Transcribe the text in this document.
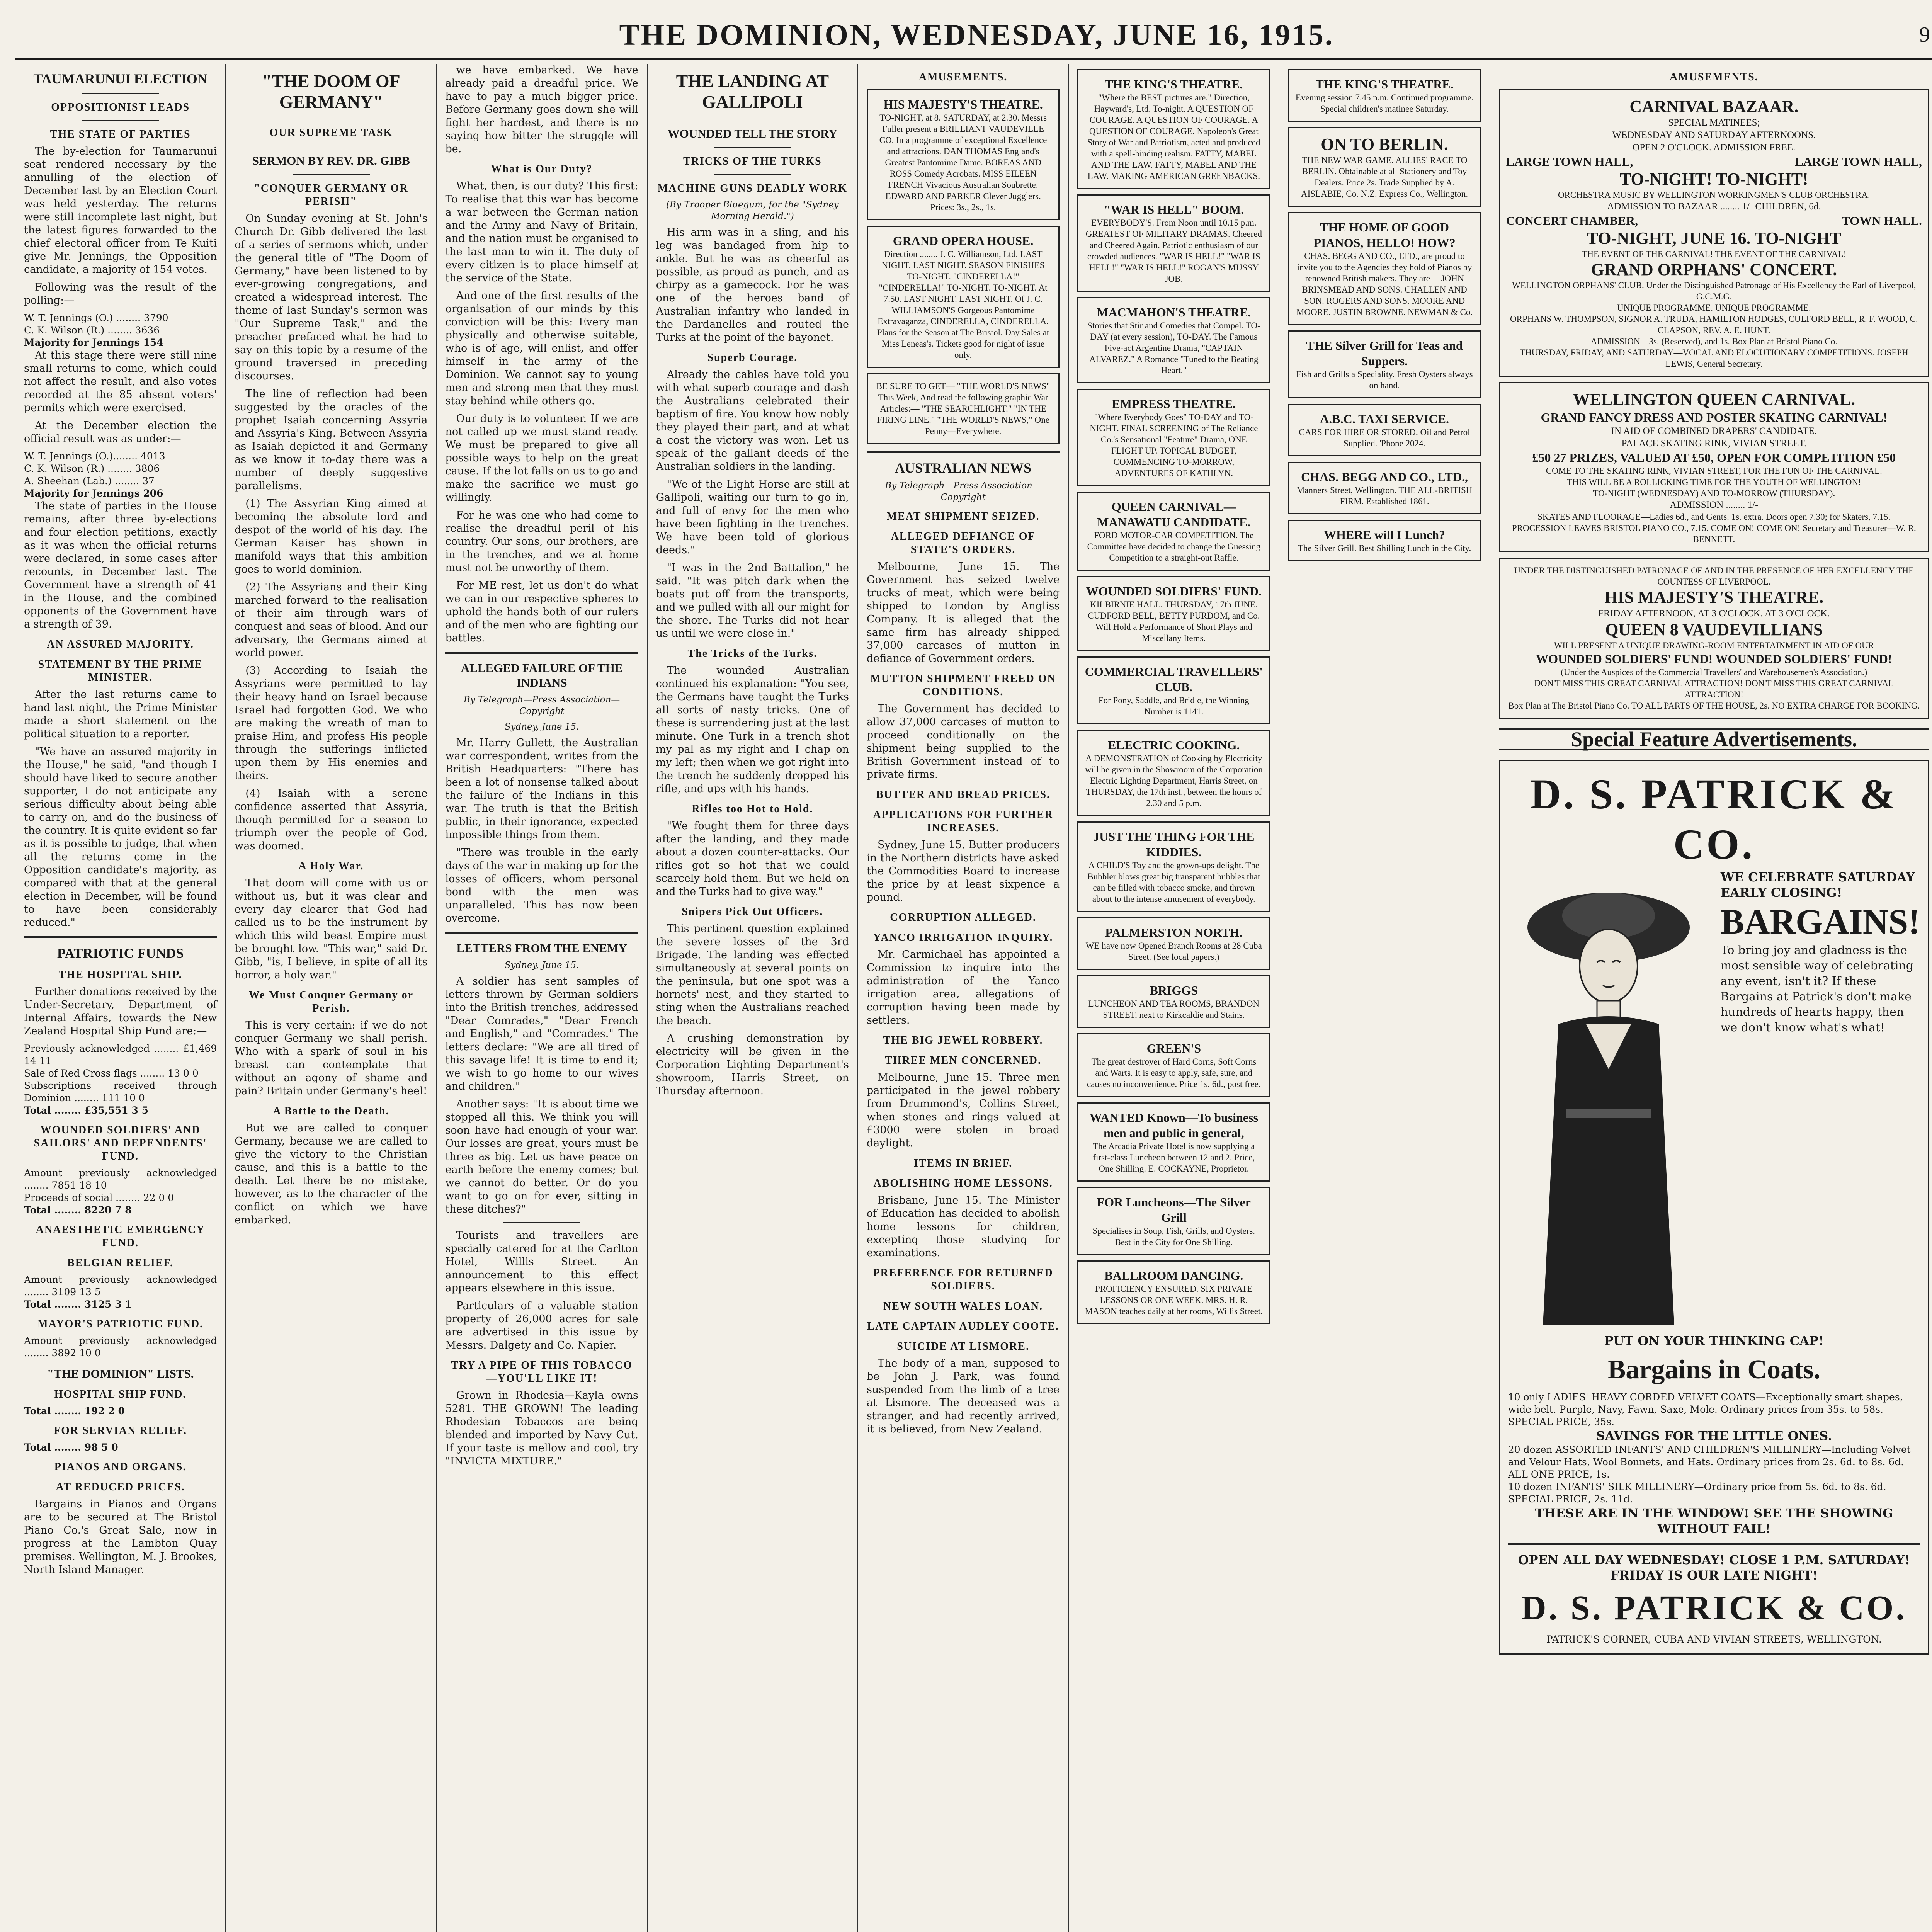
THE DOMINION, WEDNESDAY, JUNE 16, 1915.	9
TAUMARUNUI ELECTION
OPPOSITIONIST LEADS
THE STATE OF PARTIES

The by-election for Taumarunui seat rendered necessary by the annulling of the election of December last by an Election Court was held yesterday. The returns were still incomplete last night, but the latest figures forwarded to the chief electoral officer from Te Kuiti give Mr. Jennings, the Opposition candidate, a majority of 154 votes.

Following was the result of the polling:—

W. T. Jennings (O.) ........ 3790
C. K. Wilson (R.) ........ 3636
Majority for Jennings 154

At this stage there were still nine small returns to come, which could not affect the result, and also votes recorded at the 85 absent voters' permits which were exercised.

At the December election the official result was as under:—

W. T. Jennings (O.)........ 4013
C. K. Wilson (R.) ........ 3806
A. Sheehan (Lab.) ........ 37
Majority for Jennings 206

The state of parties in the House remains, after three by-elections and four election petitions, exactly as it was when the official returns were declared, in some cases after recounts, in December last. The Government have a strength of 41 in the House, and the combined opponents of the Government have a strength of 39.

AN ASSURED MAJORITY.
STATEMENT BY THE PRIME MINISTER.

After the last returns came to hand last night, the Prime Minister made a short statement on the political situation to a reporter.

"We have an assured majority in the House," he said, "and though I should have liked to secure another supporter, I do not anticipate any serious difficulty about being able to carry on, and do the business of the country. It is quite evident so far as it is possible to judge, that when all the returns come in the Opposition candidate's majority, as compared with that at the general election in December, will be found to have been considerably reduced."

PATRIOTIC FUNDS
THE HOSPITAL SHIP.

Further donations received by the Under-Secretary, Department of Internal Affairs, towards the New Zealand Hospital Ship Fund are:—

Previously acknowledged ........ £1,469 14 11
Sale of Red Cross flags ........ 13 0 0
Subscriptions received through Dominion ........ 111 10 0
Total ........ £35,551 3 5
WOUNDED SOLDIERS' AND SAILORS' AND DEPENDENTS' FUND.
Amount previously acknowledged ........ 7851 18 10
Proceeds of social ........ 22 0 0
Total ........ 8220 7 8
ANAESTHETIC EMERGENCY FUND.
BELGIAN RELIEF.
Amount previously acknowledged ........ 3109 13 5
Total ........ 3125 3 1
MAYOR'S PATRIOTIC FUND.
Amount previously acknowledged ........ 3892 10 0
"THE DOMINION" LISTS.
HOSPITAL SHIP FUND.
Total ........ 192 2 0
FOR SERVIAN RELIEF.
Total ........ 98 5 0
PIANOS AND ORGANS.
AT REDUCED PRICES.

Bargains in Pianos and Organs are to be secured at The Bristol Piano Co.'s Great Sale, now in progress at the Lambton Quay premises. Wellington, M. J. Brookes, North Island Manager.

"THE DOOM OF GERMANY"
OUR SUPREME TASK
SERMON BY REV. DR. GIBB
"CONQUER GERMANY OR PERISH"

On Sunday evening at St. John's Church Dr. Gibb delivered the last of a series of sermons which, under the general title of "The Doom of Germany," have been listened to by ever-growing congregations, and created a widespread interest. The theme of last Sunday's sermon was "Our Supreme Task," and the preacher prefaced what he had to say on this topic by a resume of the ground traversed in preceding discourses.

The line of reflection had been suggested by the oracles of the prophet Isaiah concerning Assyria and Assyria's King. Between Assyria as Isaiah depicted it and Germany as we know it to-day there was a number of deeply suggestive parallelisms.

(1) The Assyrian King aimed at becoming the absolute lord and despot of the world of his day. The German Kaiser has shown in manifold ways that this ambition goes to world dominion.

(2) The Assyrians and their King marched forward to the realisation of their aim through wars of conquest and seas of blood. And our adversary, the Germans aimed at world power.

(3) According to Isaiah the Assyrians were permitted to lay their heavy hand on Israel because Israel had forgotten God. We who are making the wreath of man to praise Him, and profess His people through the sufferings inflicted upon them by His enemies and theirs.

(4) Isaiah with a serene confidence asserted that Assyria, though permitted for a season to triumph over the people of God, was doomed.

A Holy War.

That doom will come with us or without us, but it was clear and every day clearer that God had called us to be the instrument by which this wild beast Empire must be brought low. "This war," said Dr. Gibb, "is, I believe, in spite of all its horror, a holy war."

We Must Conquer Germany or Perish.

This is very certain: if we do not conquer Germany we shall perish. Who with a spark of soul in his breast can contemplate that without an agony of shame and pain? Britain under Germany's heel!

A Battle to the Death.

But we are called to conquer Germany, because we are called to give the victory to the Christian cause, and this is a battle to the death. Let there be no mistake, however, as to the character of the conflict on which we have embarked.

we have embarked. We have already paid a dreadful price. We have to pay a much bigger price. Before Germany goes down she will fight her hardest, and there is no saying how bitter the struggle will be.

What is Our Duty?

What, then, is our duty? This first: To realise that this war has become a war between the German nation and the Army and Navy of Britain, and the nation must be organised to the last man to win it. The duty of every citizen is to place himself at the service of the State.

And one of the first results of the organisation of our minds by this conviction will be this: Every man physically and otherwise suitable, who is of age, will enlist, and offer himself in the army of the Dominion. We cannot say to young men and strong men that they must stay behind while others go.

Our duty is to volunteer. If we are not called up we must stand ready. We must be prepared to give all possible ways to help on the great cause. If the lot falls on us to go and make the sacrifice we must go willingly.

For he was one who had come to realise the dreadful peril of his country. Our sons, our brothers, are in the trenches, and we at home must not be unworthy of them.

For ME rest, let us don't do what we can in our respective spheres to uphold the hands both of our rulers and of the men who are fighting our battles.

ALLEGED FAILURE OF THE INDIANS
By Telegraph—Press Association—Copyright
Sydney, June 15.

Mr. Harry Gullett, the Australian war correspondent, writes from the British Headquarters: "There has been a lot of nonsense talked about the failure of the Indians in this war. The truth is that the British public, in their ignorance, expected impossible things from them.

"There was trouble in the early days of the war in making up for the losses of officers, whom personal bond with the men was unparalleled. This has now been overcome.

LETTERS FROM THE ENEMY
Sydney, June 15.

A soldier has sent samples of letters thrown by German soldiers into the British trenches, addressed "Dear Comrades," "Dear French and English," and "Comrades." The letters declare: "We are all tired of this savage life! It is time to end it; we wish to go home to our wives and children."

Another says: "It is about time we stopped all this. We think you will soon have had enough of your war. Our losses are great, yours must be three as big. Let us have peace on earth before the enemy comes; but we cannot do better. Or do you want to go on for ever, sitting in these ditches?"

Tourists and travellers are specially catered for at the Carlton Hotel, Willis Street. An announcement to this effect appears elsewhere in this issue.

Particulars of a valuable station property of 26,000 acres for sale are advertised in this issue by Messrs. Dalgety and Co. Napier.

TRY A PIPE OF THIS TOBACCO—YOU'LL LIKE IT!

Grown in Rhodesia—Kayla owns 5281. THE GROWN! The leading Rhodesian Tobaccos are being blended and imported by Navy Cut. If your taste is mellow and cool, try "INVICTA MIXTURE."

THE LANDING AT GALLIPOLI
WOUNDED TELL THE STORY
TRICKS OF THE TURKS
MACHINE GUNS DEADLY WORK
(By Trooper Bluegum, for the "Sydney Morning Herald.")

His arm was in a sling, and his leg was bandaged from hip to ankle. But he was as cheerful as possible, as proud as punch, and as chirpy as a gamecock. For he was one of the heroes band of Australian infantry who landed in the Dardanelles and routed the Turks at the point of the bayonet.

Superb Courage.

Already the cables have told you with what superb courage and dash the Australians celebrated their baptism of fire. You know how nobly they played their part, and at what a cost the victory was won. Let us speak of the gallant deeds of the Australian soldiers in the landing.

"We of the Light Horse are still at Gallipoli, waiting our turn to go in, and full of envy for the men who have been fighting in the trenches. We have been told of glorious deeds."

"I was in the 2nd Battalion," he said. "It was pitch dark when the boats put off from the transports, and we pulled with all our might for the shore. The Turks did not hear us until we were close in."

The Tricks of the Turks.

The wounded Australian continued his explanation: "You see, the Germans have taught the Turks all sorts of nasty tricks. One of these is surrendering just at the last minute. One Turk in a trench shot my pal as my right and I chap on my left; then when we got right into the trench he suddenly dropped his rifle, and ups with his hands.

Rifles too Hot to Hold.

"We fought them for three days after the landing, and they made about a dozen counter-attacks. Our rifles got so hot that we could scarcely hold them. But we held on and the Turks had to give way."

Snipers Pick Out Officers.

This pertinent question explained the severe losses of the 3rd Brigade. The landing was effected simultaneously at several points on the peninsula, but one spot was a hornets' nest, and they started to sting when the Australians reached the beach.

A crushing demonstration by electricity will be given in the Corporation Lighting Department's showroom, Harris Street, on Thursday afternoon.

AMUSEMENTS.
HIS MAJESTY'S THEATRE.
TO-NIGHT, at 8. SATURDAY, at 2.30. Messrs Fuller present a BRILLIANT VAUDEVILLE CO. In a programme of exceptional Excellence and attractions. DAN THOMAS England's Greatest Pantomime Dame. BOREAS AND ROSS Comedy Acrobats. MISS EILEEN FRENCH Vivacious Australian Soubrette. EDWARD AND PARKER Clever Jugglers. Prices: 3s., 2s., 1s.
GRAND OPERA HOUSE.
Direction ........ J. C. Williamson, Ltd. LAST NIGHT. LAST NIGHT. SEASON FINISHES TO-NIGHT. "CINDERELLA!" "CINDERELLA!" TO-NIGHT. TO-NIGHT. At 7.50. LAST NIGHT. LAST NIGHT. Of J. C. WILLIAMSON'S Gorgeous Pantomime Extravaganza, CINDERELLA, CINDERELLA.
Plans for the Season at The Bristol. Day Sales at Miss Leneas's. Tickets good for night of issue only.
BE SURE TO GET— "THE WORLD'S NEWS" This Week, And read the following graphic War Articles:— "THE SEARCHLIGHT." "IN THE FIRING LINE." "THE WORLD'S NEWS," One Penny—Everywhere.
AUSTRALIAN NEWS
By Telegraph—Press Association—Copyright
MEAT SHIPMENT SEIZED.
ALLEGED DEFIANCE OF STATE'S ORDERS.

Melbourne, June 15. The Government has seized twelve trucks of meat, which were being shipped to London by Angliss Company. It is alleged that the same firm has already shipped 37,000 carcases of mutton in defiance of Government orders.

MUTTON SHIPMENT FREED ON CONDITIONS.

The Government has decided to allow 37,000 carcases of mutton to proceed conditionally on the shipment being supplied to the British Government instead of to private firms.

BUTTER AND BREAD PRICES.
APPLICATIONS FOR FURTHER INCREASES.

Sydney, June 15. Butter producers in the Northern districts have asked the Commodities Board to increase the price by at least sixpence a pound.

CORRUPTION ALLEGED.
YANCO IRRIGATION INQUIRY.

Mr. Carmichael has appointed a Commission to inquire into the administration of the Yanco irrigation area, allegations of corruption having been made by settlers.

THE BIG JEWEL ROBBERY.
THREE MEN CONCERNED.

Melbourne, June 15. Three men participated in the jewel robbery from Drummond's, Collins Street, when stones and rings valued at £3000 were stolen in broad daylight.

ITEMS IN BRIEF.
ABOLISHING HOME LESSONS.

Brisbane, June 15. The Minister of Education has decided to abolish home lessons for children, excepting those studying for examinations.

PREFERENCE FOR RETURNED SOLDIERS.
NEW SOUTH WALES LOAN.
LATE CAPTAIN AUDLEY COOTE.
SUICIDE AT LISMORE.

The body of a man, supposed to be John J. Park, was found suspended from the limb of a tree at Lismore. The deceased was a stranger, and had recently arrived, it is believed, from New Zealand.

THE KING'S THEATRE.
"Where the BEST pictures are." Direction, Hayward's, Ltd. To-night. A QUESTION OF COURAGE. A QUESTION OF COURAGE. A QUESTION OF COURAGE. Napoleon's Great Story of War and Patriotism, acted and produced with a spell-binding realism. FATTY, MABEL AND THE LAW. FATTY, MABEL AND THE LAW. MAKING AMERICAN GREENBACKS.
"WAR IS HELL" BOOM.
EVERYBODY'S. From Noon until 10.15 p.m. GREATEST OF MILITARY DRAMAS. Cheered and Cheered Again. Patriotic enthusiasm of our crowded audiences. "WAR IS HELL!" "WAR IS HELL!" "WAR IS HELL!" ROGAN'S MUSSY JOB.
MACMAHON'S THEATRE.
Stories that Stir and Comedies that Compel. TO-DAY (at every session), TO-DAY. The Famous Five-act Argentine Drama, "CAPTAIN ALVAREZ." A Romance "Tuned to the Beating Heart."
EMPRESS THEATRE.
"Where Everybody Goes" TO-DAY and TO-NIGHT. FINAL SCREENING of The Reliance Co.'s Sensational "Feature" Drama, ONE FLIGHT UP. TOPICAL BUDGET, COMMENCING TO-MORROW, ADVENTURES OF KATHLYN.
QUEEN CARNIVAL—MANAWATU CANDIDATE.
FORD MOTOR-CAR COMPETITION. The Committee have decided to change the Guessing Competition to a straight-out Raffle.
WOUNDED SOLDIERS' FUND.
KILBIRNIE HALL. THURSDAY, 17th JUNE. CUDFORD BELL, BETTY PURDOM, and Co. Will Hold a Performance of Short Plays and Miscellany Items.
COMMERCIAL TRAVELLERS' CLUB.
For Pony, Saddle, and Bridle, the Winning Number is 1141.
ELECTRIC COOKING.
A DEMONSTRATION of Cooking by Electricity will be given in the Showroom of the Corporation Electric Lighting Department, Harris Street, on THURSDAY, the 17th inst., between the hours of 2.30 and 5 p.m.
JUST THE THING FOR THE KIDDIES.
A CHILD'S Toy and the grown-ups delight. The Bubbler blows great big transparent bubbles that can be filled with tobacco smoke, and thrown about to the intense amusement of everybody.
PALMERSTON NORTH.
WE have now Opened Branch Rooms at 28 Cuba Street. (See local papers.)
BRIGGS
LUNCHEON AND TEA ROOMS, BRANDON STREET, next to Kirkcaldie and Stains.
GREEN'S
The great destroyer of Hard Corns, Soft Corns and Warts. It is easy to apply, safe, sure, and causes no inconvenience. Price 1s. 6d., post free.
WANTED Known—To business men and public in general,
The Arcadia Private Hotel is now supplying a first-class Luncheon between 12 and 2. Price, One Shilling. E. COCKAYNE, Proprietor.
FOR Luncheons—The Silver Grill
Specialises in Soup, Fish, Grills, and Oysters. Best in the City for One Shilling.
BALLROOM DANCING.
PROFICIENCY ENSURED. SIX PRIVATE LESSONS OR ONE WEEK. MRS. H. R. MASON teaches daily at her rooms, Willis Street.
THE KING'S THEATRE.
Evening session 7.45 p.m. Continued programme. Special children's matinee Saturday.
ON TO BERLIN.
THE NEW WAR GAME. ALLIES' RACE TO BERLIN. Obtainable at all Stationery and Toy Dealers. Price 2s. Trade Supplied by A. AISLABIE, Co. N.Z. Express Co., Wellington.
THE HOME OF GOOD PIANOS, HELLO! HOW?
CHAS. BEGG AND CO., LTD., are proud to invite you to the Agencies they hold of Pianos by renowned British makers. They are— JOHN BRINSMEAD AND SONS. CHALLEN AND SON. ROGERS AND SONS. MOORE AND MOORE. JUSTIN BROWNE. NEWMAN & Co.
THE Silver Grill for Teas and Suppers.
Fish and Grills a Speciality. Fresh Oysters always on hand.
A.B.C. TAXI SERVICE.
CARS FOR HIRE OR STORED. Oil and Petrol Supplied. 'Phone 2024.
CHAS. BEGG AND CO., LTD.,
Manners Street, Wellington. THE ALL-BRITISH FIRM. Established 1861.
WHERE will I Lunch?
The Silver Grill. Best Shilling Lunch in the City.
AMUSEMENTS.
CARNIVAL BAZAAR.
SPECIAL MATINEES;
WEDNESDAY AND SATURDAY AFTERNOONS.
OPEN 2 O'CLOCK. ADMISSION FREE.
LARGE TOWN HALL,	LARGE TOWN HALL,
TO-NIGHT! TO-NIGHT!
ORCHESTRA MUSIC BY WELLINGTON WORKINGMEN'S CLUB ORCHESTRA.
ADMISSION TO BAZAAR ........ 1/- CHILDREN, 6d.
CONCERT CHAMBER,	TOWN HALL.
TO-NIGHT, JUNE 16. TO-NIGHT
THE EVENT OF THE CARNIVAL! THE EVENT OF THE CARNIVAL!
GRAND ORPHANS' CONCERT.
WELLINGTON ORPHANS' CLUB. Under the Distinguished Patronage of His Excellency the Earl of Liverpool, G.C.M.G.
UNIQUE PROGRAMME. UNIQUE PROGRAMME.
ORPHANS W. THOMPSON, SIGNOR A. TRUDA, HAMILTON HODGES, CULFORD BELL, R. F. WOOD, C. CLAPSON, REV. A. E. HUNT.
ADMISSION—3s. (Reserved), and 1s. Box Plan at Bristol Piano Co.
THURSDAY, FRIDAY, AND SATURDAY—VOCAL AND ELOCUTIONARY COMPETITIONS. JOSEPH LEWIS, General Secretary.
WELLINGTON QUEEN CARNIVAL.
GRAND FANCY DRESS AND POSTER SKATING CARNIVAL!
IN AID OF COMBINED DRAPERS' CANDIDATE.
PALACE SKATING RINK, VIVIAN STREET.
£50 27 PRIZES, VALUED AT £50, OPEN FOR COMPETITION £50
COME TO THE SKATING RINK, VIVIAN STREET, FOR THE FUN OF THE CARNIVAL.
THIS WILL BE A ROLLICKING TIME FOR THE YOUTH OF WELLINGTON!
TO-NIGHT (WEDNESDAY) AND TO-MORROW (THURSDAY).
ADMISSION ........ 1/-
SKATES AND FLOORAGE—Ladies 6d., and Gents. 1s. extra. Doors open 7.30; for Skaters, 7.15.
PROCESSION LEAVES BRISTOL PIANO CO., 7.15. COME ON! COME ON! Secretary and Treasurer—W. R. BENNETT.
UNDER THE DISTINGUISHED PATRONAGE OF AND IN THE PRESENCE OF HER EXCELLENCY THE COUNTESS OF LIVERPOOL.
HIS MAJESTY'S THEATRE.
FRIDAY AFTERNOON, AT 3 O'CLOCK. AT 3 O'CLOCK.
QUEEN 8 VAUDEVILLIANS
WILL PRESENT A UNIQUE DRAWING-ROOM ENTERTAINMENT IN AID OF OUR
WOUNDED SOLDIERS' FUND! WOUNDED SOLDIERS' FUND!
(Under the Auspices of the Commercial Travellers' and Warehousemen's Association.)
DON'T MISS THIS GREAT CARNIVAL ATTRACTION! DON'T MISS THIS GREAT CARNIVAL ATTRACTION!
Box Plan at The Bristol Piano Co. TO ALL PARTS OF THE HOUSE, 2s. NO EXTRA CHARGE FOR BOOKING.
Special Feature Advertisements.
D. S. PATRICK & CO.
WE CELEBRATE SATURDAY EARLY CLOSING!
BARGAINS!
To bring joy and gladness is the most sensible way of celebrating any event, isn't it? If these Bargains at Patrick's don't make hundreds of hearts happy, then we don't know what's what!
PUT ON YOUR THINKING CAP!
Bargains in Coats.
10 only LADIES' HEAVY CORDED VELVET COATS—Exceptionally smart shapes, wide belt. Purple, Navy, Fawn, Saxe, Mole. Ordinary prices from 35s. to 58s. SPECIAL PRICE, 35s.
SAVINGS FOR THE LITTLE ONES.
20 dozen ASSORTED INFANTS' AND CHILDREN'S MILLINERY—Including Velvet and Velour Hats, Wool Bonnets, and Hats. Ordinary prices from 2s. 6d. to 8s. 6d. ALL ONE PRICE, 1s.
10 dozen INFANTS' SILK MILLINERY—Ordinary price from 5s. 6d. to 8s. 6d. SPECIAL PRICE, 2s. 11d.
THESE ARE IN THE WINDOW! SEE THE SHOWING WITHOUT FAIL!
OPEN ALL DAY WEDNESDAY! CLOSE 1 P.M. SATURDAY! FRIDAY IS OUR LATE NIGHT!
D. S. PATRICK & CO.
PATRICK'S CORNER, CUBA AND VIVIAN STREETS, WELLINGTON.
